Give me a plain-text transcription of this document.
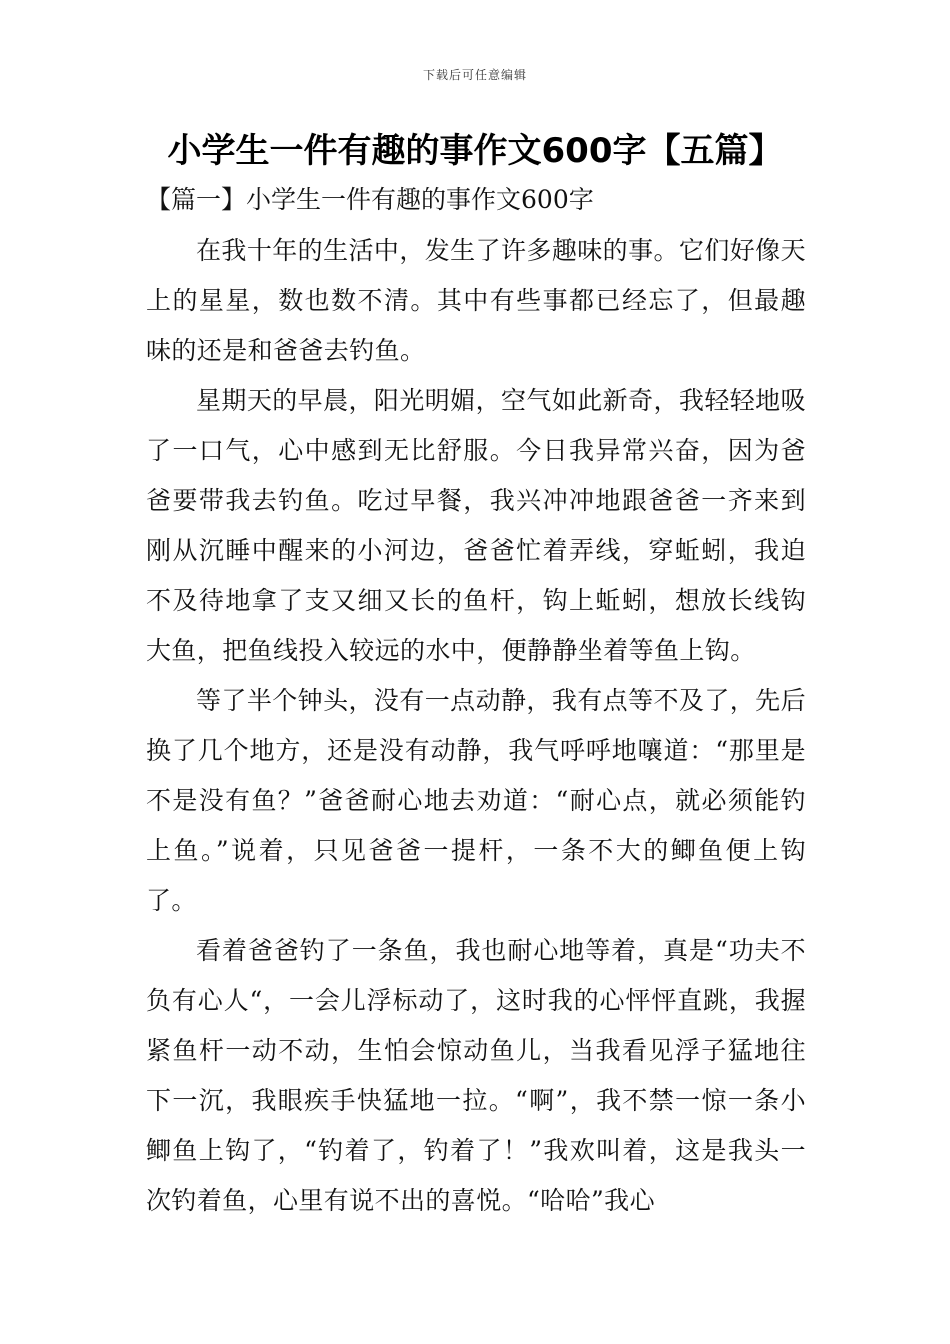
下载后可任意编辑
小学生一件有趣的事作文600字【五篇】
【篇一】小学生一件有趣的事作文600字

在我十年的生活中，发生了许多趣味的事。它们好像天上的星星，数也数不清。其中有些事都已经忘了，但最趣味的还是和爸爸去钓鱼。

星期天的早晨，阳光明媚，空气如此新奇，我轻轻地吸了一口气，心中感到无比舒服。今日我异常兴奋，因为爸爸要带我去钓鱼。吃过早餐，我兴冲冲地跟爸爸一齐来到刚从沉睡中醒来的小河边，爸爸忙着弄线，穿蚯蚓，我迫不及待地拿了支又细又长的鱼杆，钩上蚯蚓，想放长线钩大鱼，把鱼线投入较远的水中，便静静坐着等鱼上钩。

等了半个钟头，没有一点动静，我有点等不及了，先后换了几个地方，还是没有动静，我气呼呼地嚷道：“那里是不是没有鱼？”爸爸耐心地去劝道：“耐心点，就必须能钓上鱼。”说着，只见爸爸一提杆，一条不大的鲫鱼便上钩了。

看着爸爸钓了一条鱼，我也耐心地等着，真是“功夫不负有心人“，一会儿浮标动了，这时我的心怦怦直跳，我握紧鱼杆一动不动，生怕会惊动鱼儿，当我看见浮子猛地往下一沉，我眼疾手快猛地一拉。“啊”，我不禁一惊一条小鲫鱼上钩了，“钓着了，钓着了！”我欢叫着，这是我头一次钓着鱼，心里有说不出的喜悦。“哈哈”我心
